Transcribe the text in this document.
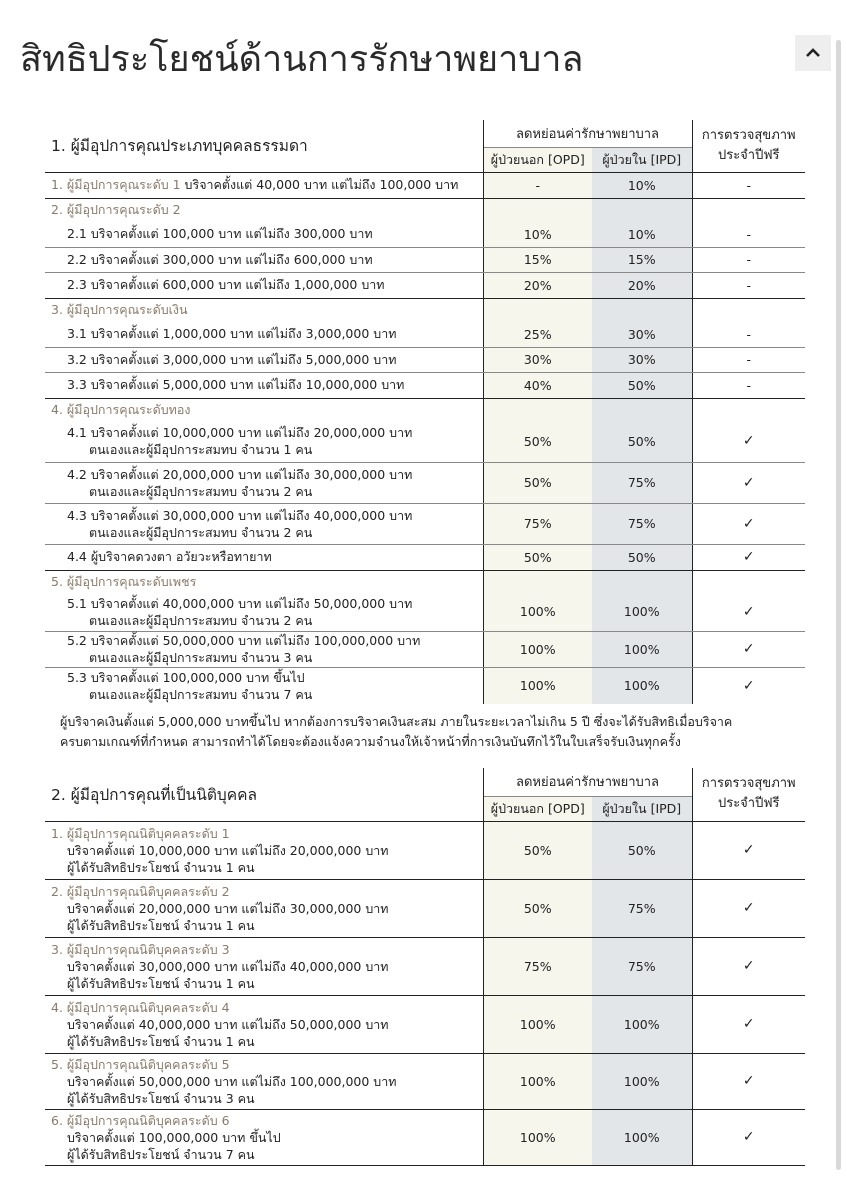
สิทธิประโยชน์ด้านการรักษาพยาบาล
1. ผู้มีอุปการคุณประเภทบุคคลธรรมดา	ลดหย่อนค่ารักษาพยาบาล		การตรวจสุขภาพ
ประจำปีฟรี
	ผู้ป่วยนอก [OPD]	ผู้ป่วยใน [IPD]	
1. ผู้มีอุปการคุณระดับ 1 บริจาคตั้งแต่ 40,000 บาท แต่ไม่ถึง 100,000 บาท	-	10%	-
2. ผู้มีอุปการคุณระดับ 2			
2.1 บริจาคตั้งแต่ 100,000 บาท แต่ไม่ถึง 300,000 บาท	10%	10%	-
2.2 บริจาคตั้งแต่ 300,000 บาท แต่ไม่ถึง 600,000 บาท	15%	15%	-
2.3 บริจาคตั้งแต่ 600,000 บาท แต่ไม่ถึง 1,000,000 บาท	20%	20%	-
3. ผู้มีอุปการคุณระดับเงิน			
3.1 บริจาคตั้งแต่ 1,000,000 บาท แต่ไม่ถึง 3,000,000 บาท	25%	30%	-
3.2 บริจาคตั้งแต่ 3,000,000 บาท แต่ไม่ถึง 5,000,000 บาท	30%	30%	-
3.3 บริจาคตั้งแต่ 5,000,000 บาท แต่ไม่ถึง 10,000,000 บาท	40%	50%	-
4. ผู้มีอุปการคุณระดับทอง			
4.1 บริจาคตั้งแต่ 10,000,000 บาท แต่ไม่ถึง 20,000,000 บาท

ตนเองและผู้มีอุปการะสมทบ จำนวน 1 คน	50%	50%	✓
4.2 บริจาคตั้งแต่ 20,000,000 บาท แต่ไม่ถึง 30,000,000 บาท

ตนเองและผู้มีอุปการะสมทบ จำนวน 2 คน	50%	75%	✓
4.3 บริจาคตั้งแต่ 30,000,000 บาท แต่ไม่ถึง 40,000,000 บาท

ตนเองและผู้มีอุปการะสมทบ จำนวน 2 คน	75%	75%	✓
4.4 ผู้บริจาคดวงตา อวัยวะหรือทายาท	50%	50%	✓
5. ผู้มีอุปการคุณระดับเพชร			
5.1 บริจาคตั้งแต่ 40,000,000 บาท แต่ไม่ถึง 50,000,000 บาท

ตนเองและผู้มีอุปการะสมทบ จำนวน 2 คน	100%	100%	✓
5.2 บริจาคตั้งแต่ 50,000,000 บาท แต่ไม่ถึง 100,000,000 บาท

ตนเองและผู้มีอุปการะสมทบ จำนวน 3 คน	100%	100%	✓
5.3 บริจาคตั้งแต่ 100,000,000 บาท ขึ้นไป

ตนเองและผู้มีอุปการะสมทบ จำนวน 7 คน	100%	100%	✓
ผู้บริจาคเงินตั้งแต่ 5,000,000 บาทขึ้นไป หากต้องการบริจาคเงินสะสม ภายในระยะเวลาไม่เกิน 5 ปี ซึ่งจะได้รับสิทธิเมื่อบริจาค
ครบตามเกณฑ์ที่กำหนด สามารถทำได้โดยจะต้องแจ้งความจำนงให้เจ้าหน้าที่การเงินบันทึกไว้ในใบเสร็จรับเงินทุกครั้ง
2. ผู้มีอุปการคุณที่เป็นนิติบุคคล	ลดหย่อนค่ารักษาพยาบาล		การตรวจสุขภาพ
ประจำปีฟรี
	ผู้ป่วยนอก [OPD]	ผู้ป่วยใน [IPD]	
1. ผู้มีอุปการคุณนิติบุคคลระดับ 1
บริจาคตั้งแต่ 10,000,000 บาท แต่ไม่ถึง 20,000,000 บาท
ผู้ได้รับสิทธิประโยชน์ จำนวน 1 คน	50%	50%	✓
2. ผู้มีอุปการคุณนิติบุคคลระดับ 2
บริจาคตั้งแต่ 20,000,000 บาท แต่ไม่ถึง 30,000,000 บาท
ผู้ได้รับสิทธิประโยชน์ จำนวน 1 คน	50%	75%	✓
3. ผู้มีอุปการคุณนิติบุคคลระดับ 3
บริจาคตั้งแต่ 30,000,000 บาท แต่ไม่ถึง 40,000,000 บาท
ผู้ได้รับสิทธิประโยชน์ จำนวน 1 คน	75%	75%	✓
4. ผู้มีอุปการคุณนิติบุคคลระดับ 4
บริจาคตั้งแต่ 40,000,000 บาท แต่ไม่ถึง 50,000,000 บาท
ผู้ได้รับสิทธิประโยชน์ จำนวน 1 คน	100%	100%	✓
5. ผู้มีอุปการคุณนิติบุคคลระดับ 5
บริจาคตั้งแต่ 50,000,000 บาท แต่ไม่ถึง 100,000,000 บาท
ผู้ได้รับสิทธิประโยชน์ จำนวน 3 คน	100%	100%	✓
6. ผู้มีอุปการคุณนิติบุคคลระดับ 6
บริจาคตั้งแต่ 100,000,000 บาท ขึ้นไป
ผู้ได้รับสิทธิประโยชน์ จำนวน 7 คน	100%	100%	✓
